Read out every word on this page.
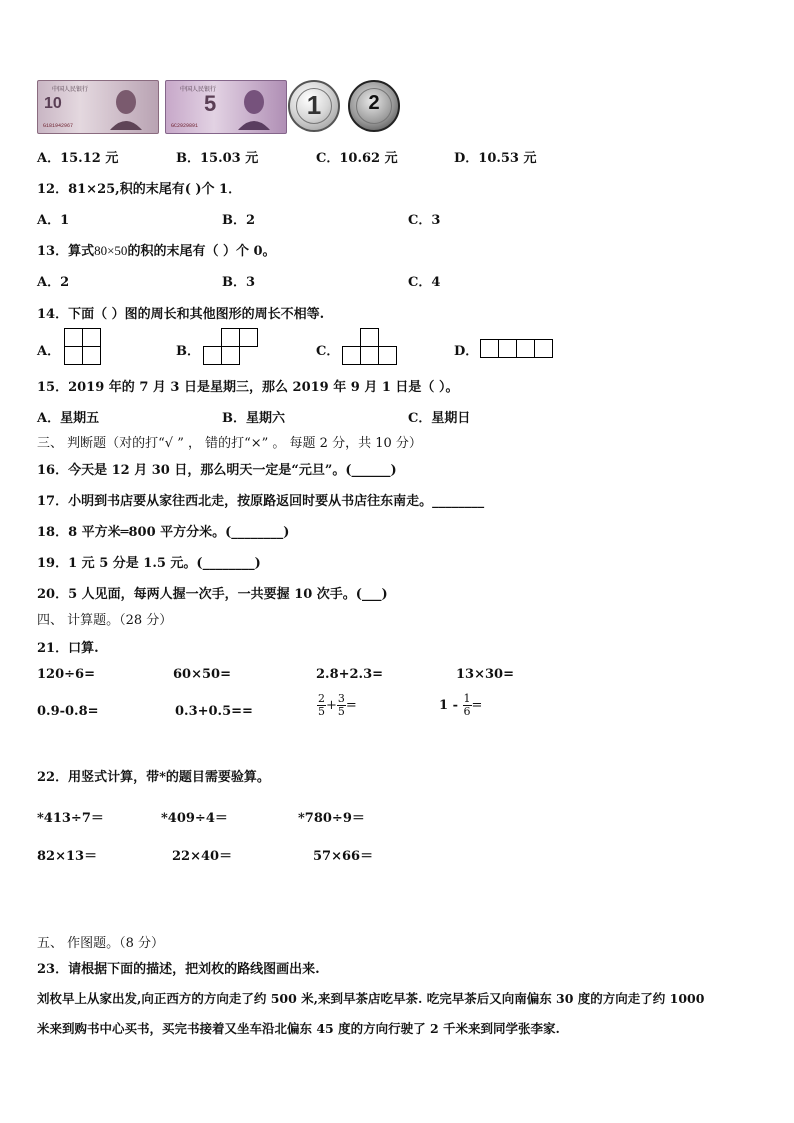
中国人民银行
10
G181942967
中国人民银行
5
GC2929891
1	2
A．15.12 元	B．15.03 元	C．10.62 元	D．10.53 元
12．81×25,积的末尾有( )个 1．
A．1	B．2	C．3
13．算式80×50的积的末尾有（ ）个 0。
A．2	B．3	C．4
14．下面（ ）图的周长和其他图形的周长不相等.
A．	B．	C．	D．
15．2019 年的 7 月 3 日是星期三，那么 2019 年 9 月 1 日是（ ）。
A．星期五	B．星期六	C．星期日
三、 判断题（对的打“√ ” ， 错的打“×” 。 每题 2 分，共 10 分）
16．今天是 12 月 30 日，那么明天一定是“元旦”。(______)
17．小明到书店要从家往西北走，按原路返回时要从书店往东南走。________
18．8 平方米═800 平方分米。(________)
19．1 元 5 分是 1.5 元。(________)
20．5 人见面，每两人握一次手，一共要握 10 次手。(___)
四、 计算题。（28 分）
21．口算.
120÷6=	60×50=	2.8+2.3=	13×30=
0.9-0.8=	0.3+0.5==	$\frac{2}{5} + \frac{3}{5}$ =	$1 - \frac{1}{6}$ =
22．用竖式计算，带*的题目需要验算。
*413÷7＝	*409÷4＝	*780÷9＝
82×13＝	22×40＝	57×66＝
五、 作图题。（8 分）
23．请根据下面的描述，把刘枚的路线图画出来.
刘枚早上从家出发,向正西方的方向走了约 500 米,来到早茶店吃早茶. 吃完早茶后又向南偏东 30 度的方向走了约 1000
米来到购书中心买书，买完书接着又坐车沿北偏东 45 度的方向行驶了 2 千米来到同学张李家.
